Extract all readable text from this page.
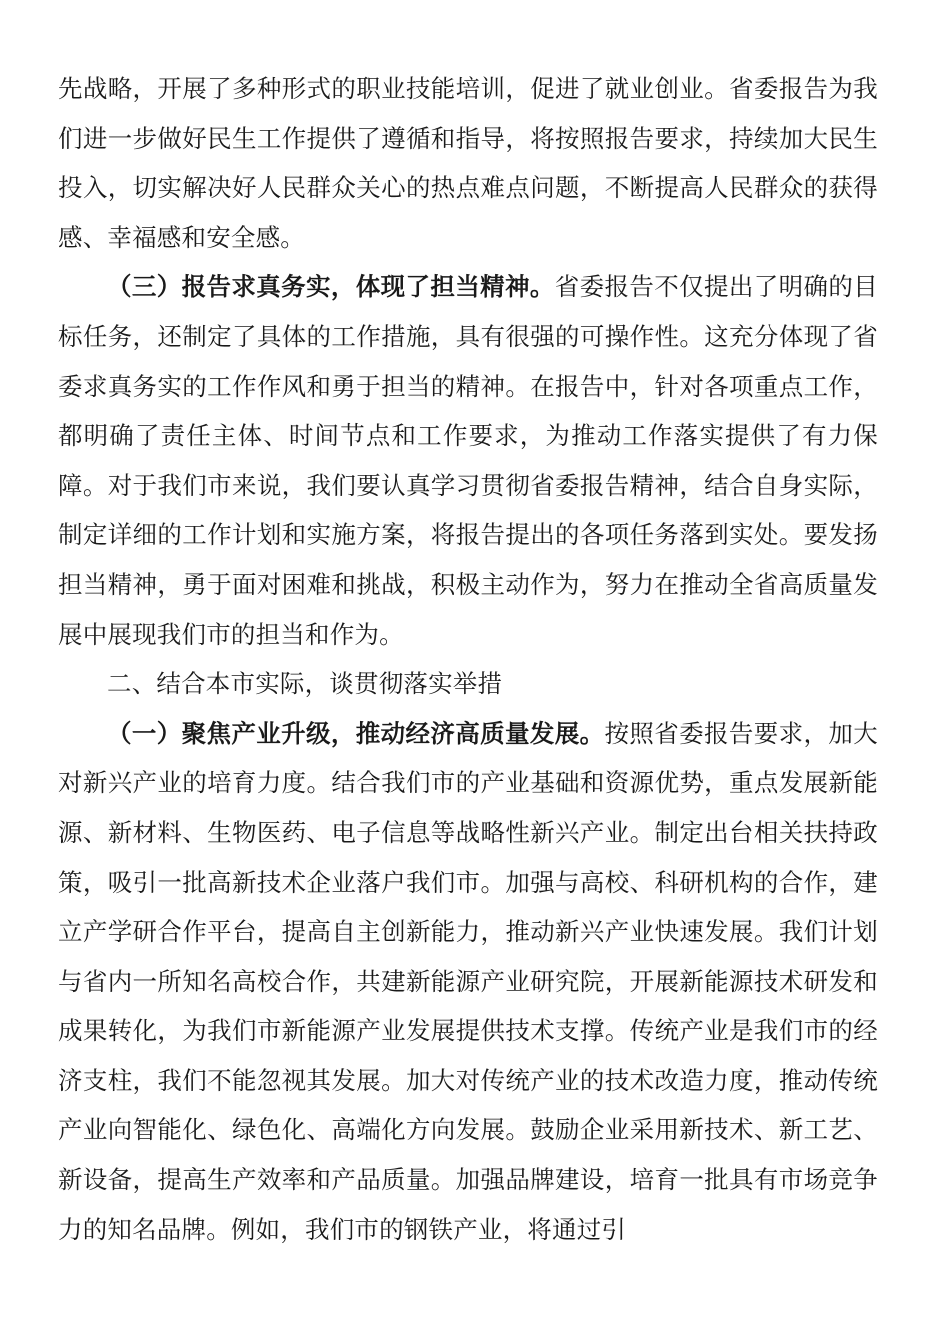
先战略，开展了多种形式的职业技能培训，促进了就业创业。省委报告为我们进一步做好民生工作提供了遵循和指导，将按照报告要求，持续加大民生投入，切实解决好人民群众关心的热点难点问题，不断提高人民群众的获得感、幸福感和安全感。

（三）报告求真务实，体现了担当精神。省委报告不仅提出了明确的目标任务，还制定了具体的工作措施，具有很强的可操作性。这充分体现了省委求真务实的工作作风和勇于担当的精神。在报告中，针对各项重点工作，都明确了责任主体、时间节点和工作要求，为推动工作落实提供了有力保障。对于我们市来说，我们要认真学习贯彻省委报告精神，结合自身实际，制定详细的工作计划和实施方案，将报告提出的各项任务落到实处。要发扬担当精神，勇于面对困难和挑战，积极主动作为，努力在推动全省高质量发展中展现我们市的担当和作为。

二、结合本市实际，谈贯彻落实举措

（一）聚焦产业升级，推动经济高质量发展。按照省委报告要求，加大对新兴产业的培育力度。结合我们市的产业基础和资源优势，重点发展新能源、新材料、生物医药、电子信息等战略性新兴产业。制定出台相关扶持政策，吸引一批高新技术企业落户我们市。加强与高校、科研机构的合作，建立产学研合作平台，提高自主创新能力，推动新兴产业快速发展。我们计划与省内一所知名高校合作，共建新能源产业研究院，开展新能源技术研发和成果转化，为我们市新能源产业发展提供技术支撑。传统产业是我们市的经济支柱，我们不能忽视其发展。加大对传统产业的技术改造力度，推动传统产业向智能化、绿色化、高端化方向发展。鼓励企业采用新技术、新工艺、新设备，提高生产效率和产品质量。加强品牌建设，培育一批具有市场竞争力的知名品牌。例如，我们市的钢铁产业，将通过引
